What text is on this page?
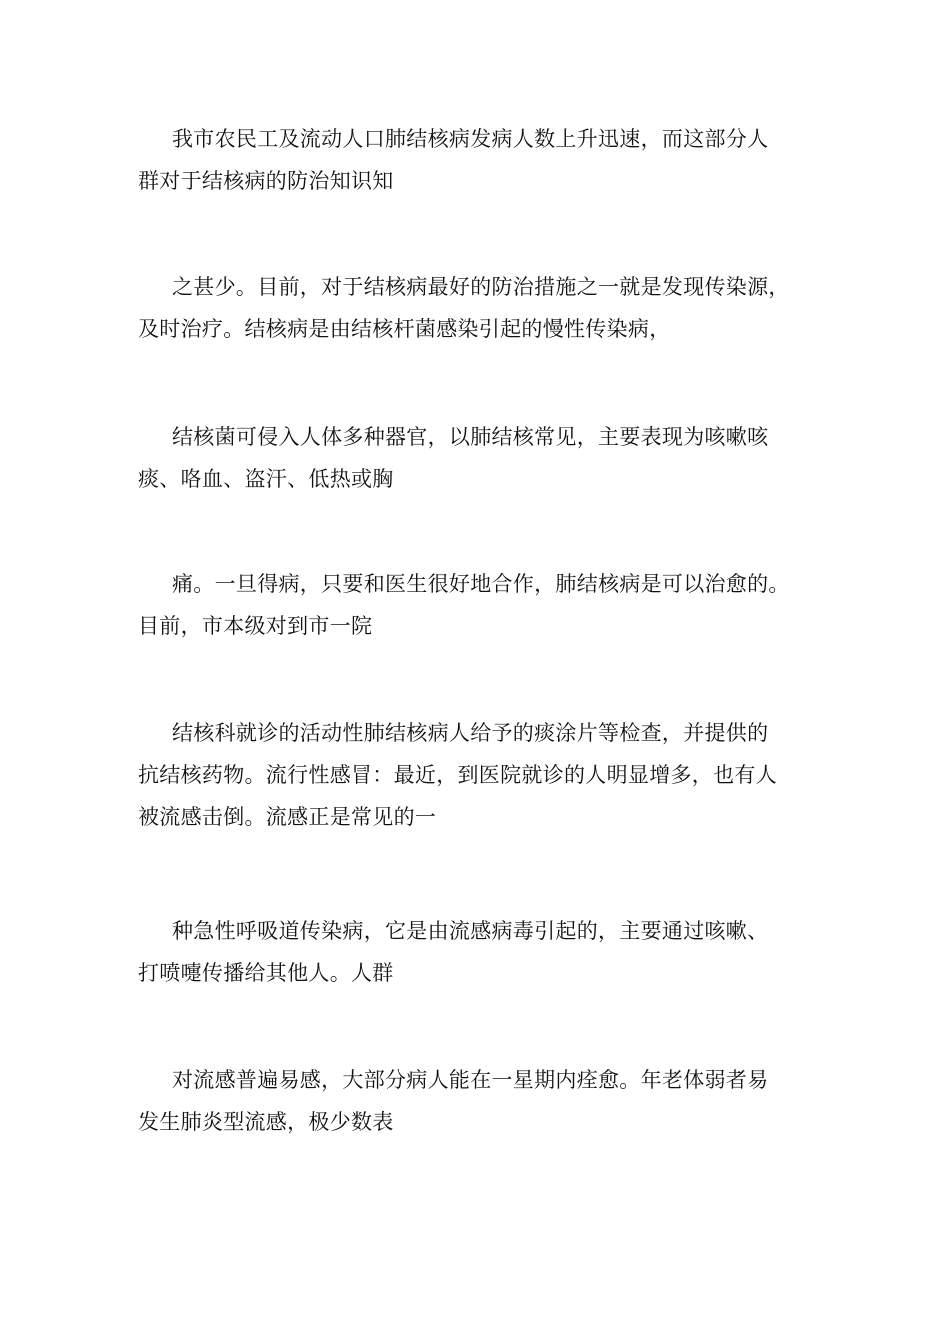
我市农民工及流动人口肺结核病发病人数上升迅速，而这部分人
群对于结核病的防治知识知

之甚少。目前，对于结核病最好的防治措施之一就是发现传染源，
及时治疗。结核病是由结核杆菌感染引起的慢性传染病，

结核菌可侵入人体多种器官，以肺结核常见，主要表现为咳嗽咳
痰、咯血、盗汗、低热或胸

痛。一旦得病，只要和医生很好地合作，肺结核病是可以治愈的。
目前，市本级对到市一院

结核科就诊的活动性肺结核病人给予的痰涂片等检查，并提供的
抗结核药物。流行性感冒：最近，到医院就诊的人明显增多，也有人
被流感击倒。流感正是常见的一

种急性呼吸道传染病，它是由流感病毒引起的，主要通过咳嗽、
打喷嚏传播给其他人。人群

对流感普遍易感，大部分病人能在一星期内痊愈。年老体弱者易
发生肺炎型流感，极少数表
